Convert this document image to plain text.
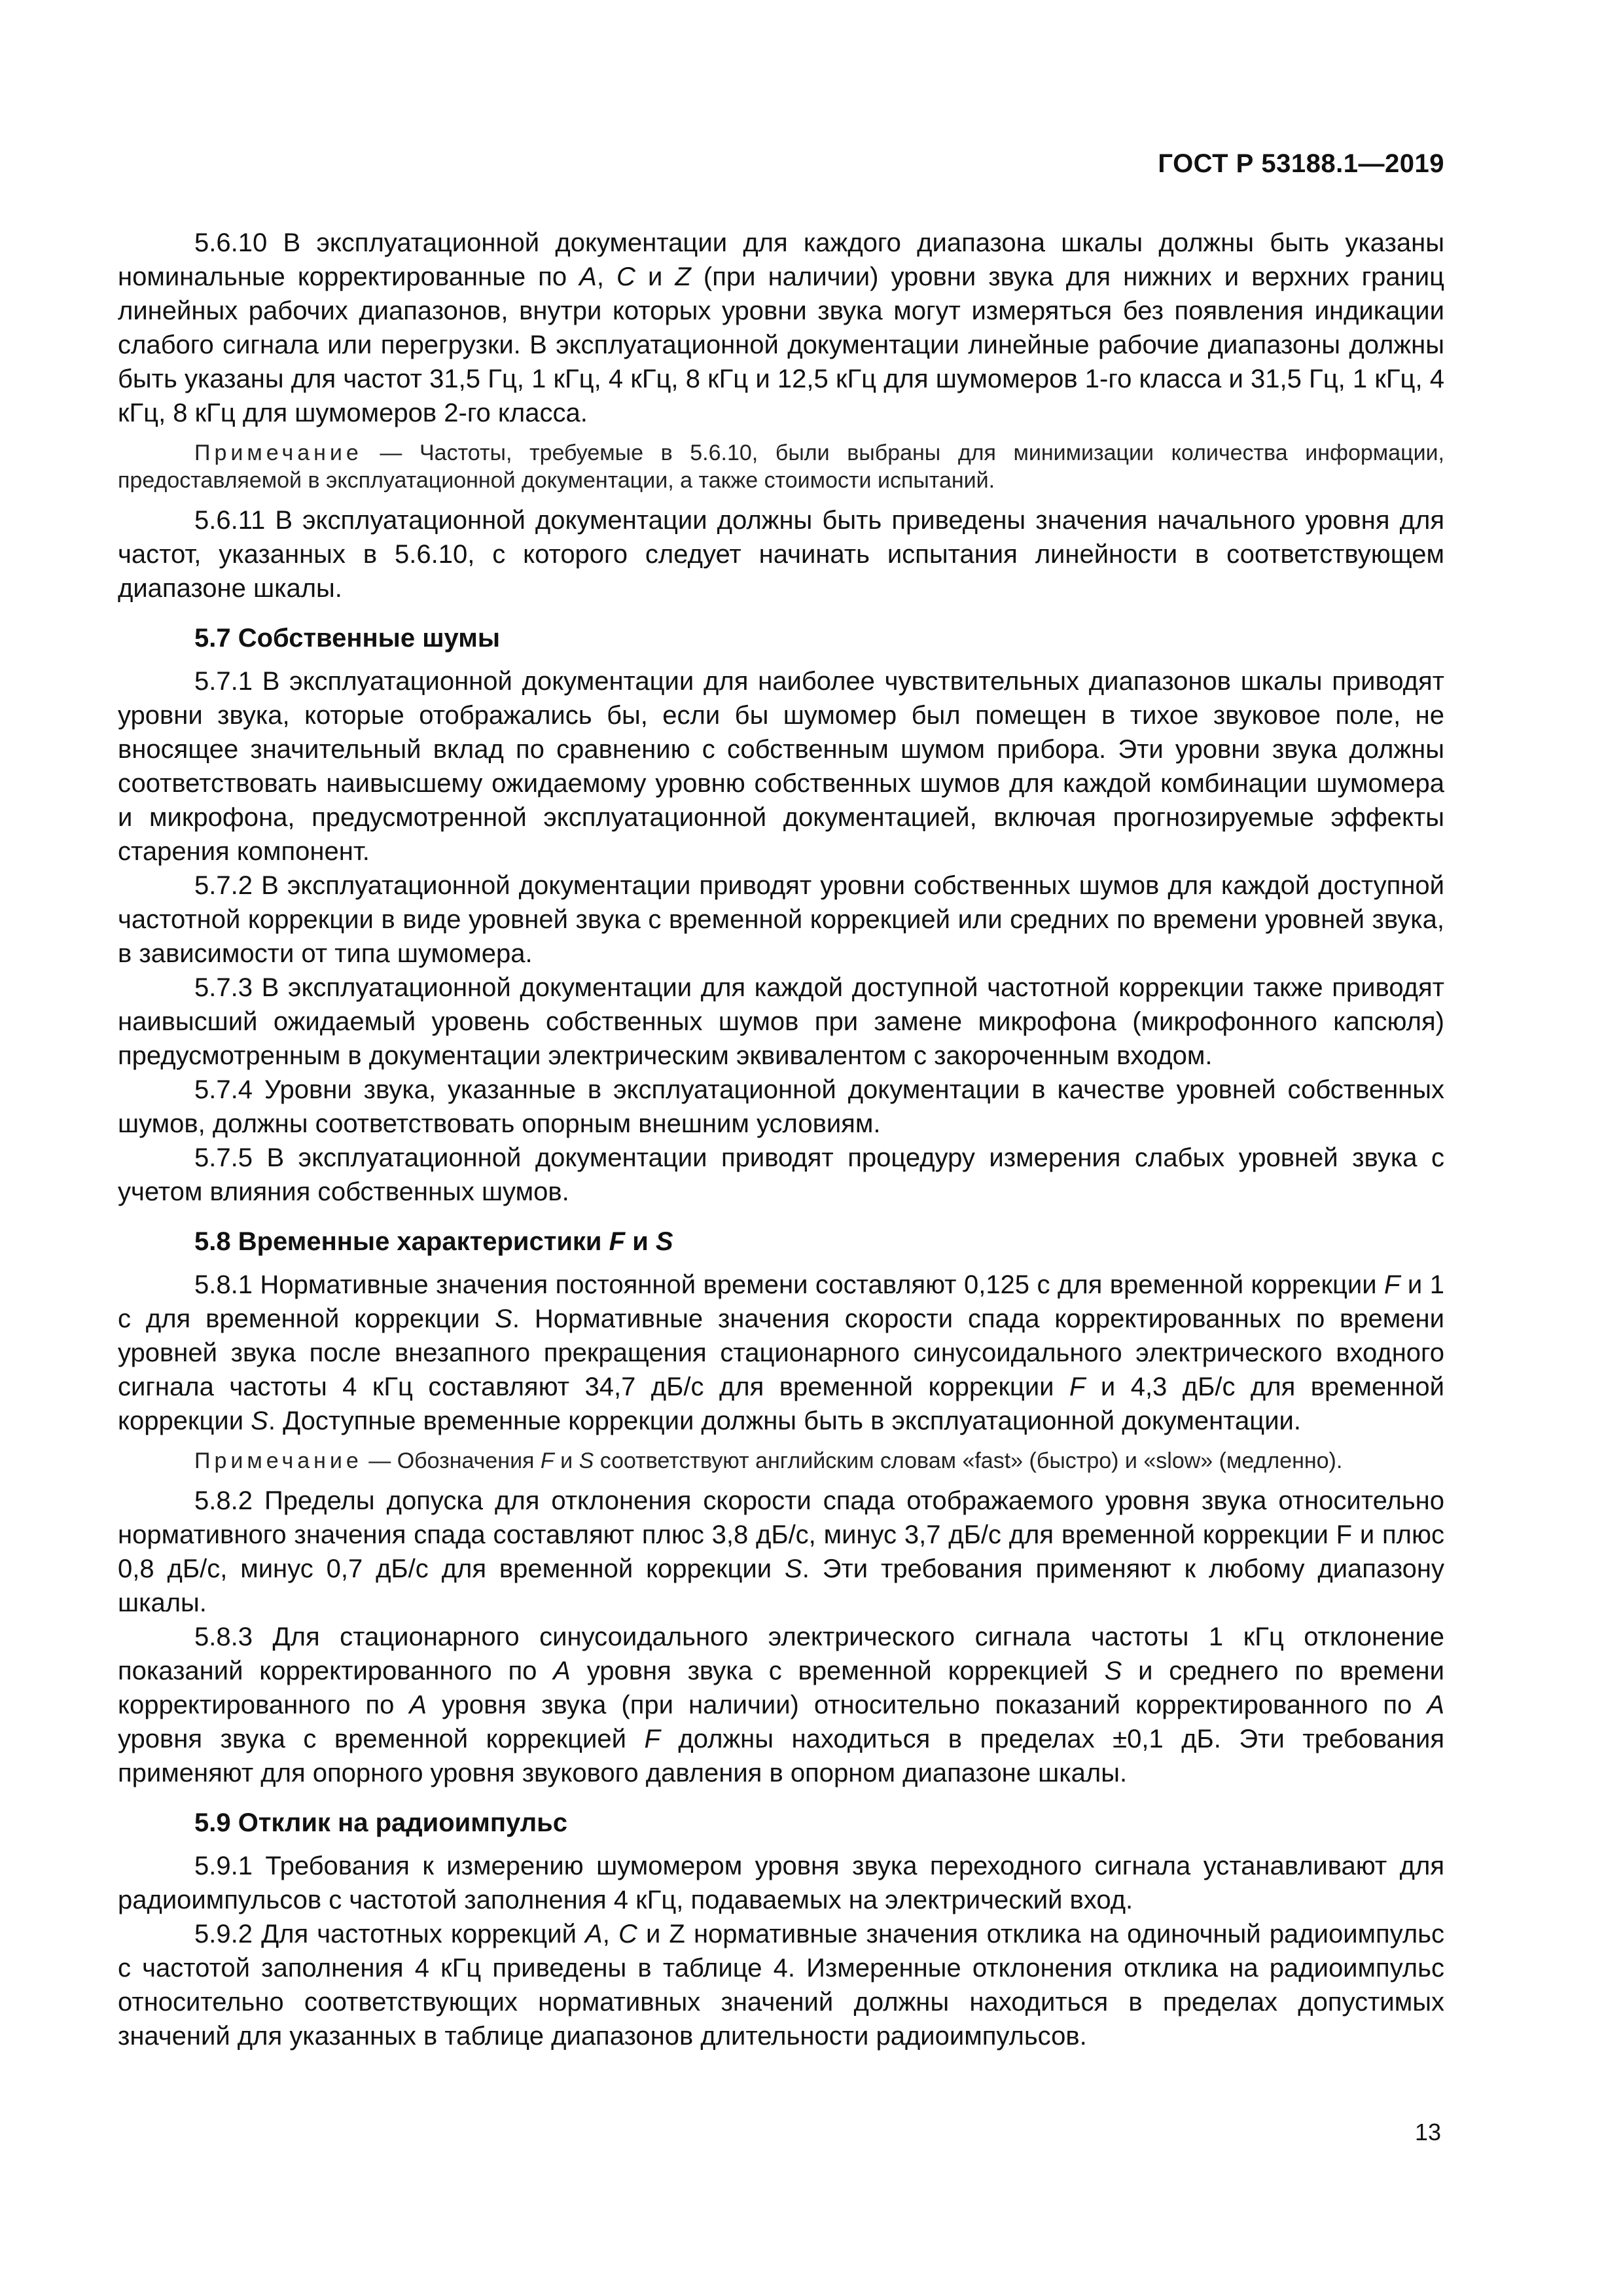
ГОСТ Р 53188.1—2019

5.6.10 В эксплуатационной документации для каждого диапазона шкалы должны быть указаны номинальные корректированные по A, C и Z (при наличии) уровни звука для нижних и верхних границ линейных рабочих диапазонов, внутри которых уровни звука могут измеряться без появления индикации слабого сигнала или перегрузки. В эксплуатационной документации линейные рабочие диапазоны должны быть указаны для частот 31,5 Гц, 1 кГц, 4 кГц, 8 кГц и 12,5 кГц для шумомеров 1-го класса и 31,5 Гц, 1 кГц, 4 кГц, 8 кГц для шумомеров 2-го класса.

Примечание — Частоты, требуемые в 5.6.10, были выбраны для минимизации количества информации, предоставляемой в эксплуатационной документации, а также стоимости испытаний.

5.6.11 В эксплуатационной документации должны быть приведены значения начального уровня для частот, указанных в 5.6.10, с которого следует начинать испытания линейности в соответствующем диапазоне шкалы.

5.7 Собственные шумы

5.7.1 В эксплуатационной документации для наиболее чувствительных диапазонов шкалы приводят уровни звука, которые отображались бы, если бы шумомер был помещен в тихое звуковое поле, не вносящее значительный вклад по сравнению с собственным шумом прибора. Эти уровни звука должны соответствовать наивысшему ожидаемому уровню собственных шумов для каждой комбинации шумомера и микрофона, предусмотренной эксплуатационной документацией, включая прогнозируемые эффекты старения компонент.

5.7.2 В эксплуатационной документации приводят уровни собственных шумов для каждой доступной частотной коррекции в виде уровней звука с временной коррекцией или средних по времени уровней звука, в зависимости от типа шумомера.

5.7.3 В эксплуатационной документации для каждой доступной частотной коррекции также приводят наивысший ожидаемый уровень собственных шумов при замене микрофона (микрофонного капсюля) предусмотренным в документации электрическим эквивалентом с закороченным входом.

5.7.4 Уровни звука, указанные в эксплуатационной документации в качестве уровней собственных шумов, должны соответствовать опорным внешним условиям.

5.7.5 В эксплуатационной документации приводят процедуру измерения слабых уровней звука с учетом влияния собственных шумов.

5.8 Временные характеристики F и S

5.8.1 Нормативные значения постоянной времени составляют 0,125 с для временной коррекции F и 1 с для временной коррекции S. Нормативные значения скорости спада корректированных по времени уровней звука после внезапного прекращения стационарного синусоидального электрического входного сигнала частоты 4 кГц составляют 34,7 дБ/с для временной коррекции F и 4,3 дБ/с для временной коррекции S. Доступные временные коррекции должны быть в эксплуатационной документации.

Примечание — Обозначения F и S соответствуют английским словам «fast» (быстро) и «slow» (медленно).

5.8.2 Пределы допуска для отклонения скорости спада отображаемого уровня звука относительно нормативного значения спада составляют плюс 3,8 дБ/с, минус 3,7 дБ/с для временной коррекции F и плюс 0,8 дБ/с, минус 0,7 дБ/с для временной коррекции S. Эти требования применяют к любому диапазону шкалы.

5.8.3 Для стационарного синусоидального электрического сигнала частоты 1 кГц отклонение показаний корректированного по A уровня звука с временной коррекцией S и среднего по времени корректированного по A уровня звука (при наличии) относительно показаний корректированного по A уровня звука с временной коррекцией F должны находиться в пределах ±0,1 дБ. Эти требования применяют для опорного уровня звукового давления в опорном диапазоне шкалы.

5.9 Отклик на радиоимпульс

5.9.1 Требования к измерению шумомером уровня звука переходного сигнала устанавливают для радиоимпульсов с частотой заполнения 4 кГц, подаваемых на электрический вход.

5.9.2 Для частотных коррекций A, C и Z нормативные значения отклика на одиночный радиоимпульс с частотой заполнения 4 кГц приведены в таблице 4. Измеренные отклонения отклика на радиоимпульс относительно соответствующих нормативных значений должны находиться в пределах допустимых значений для указанных в таблице диапазонов длительности радиоимпульсов.

13
